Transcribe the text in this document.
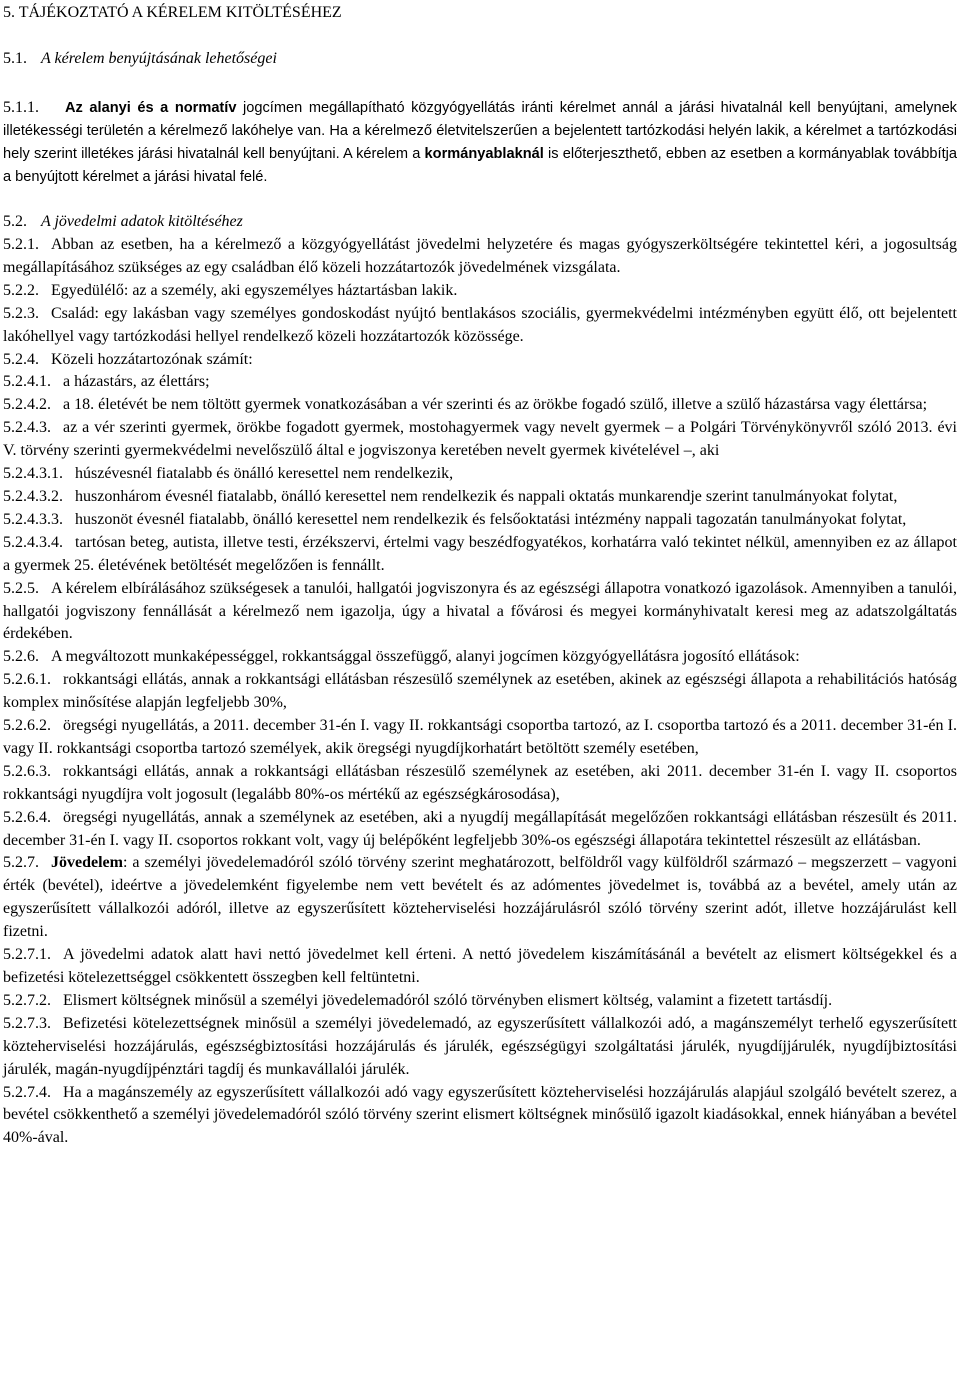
5. TÁJÉKOZTATÓ A KÉRELEM KITÖLTÉSÉHEZ
5.1. A kérelem benyújtásának lehetőségei

5.1.1. Az alanyi és a normatív jogcímen megállapítható közgyógyellátás iránti kérelmet annál a járási hivatalnál kell benyújtani, amelynek illetékességi területén a kérelmező lakóhelye van. Ha a kérelmező életvitelszerűen a bejelentett tartózkodási helyén lakik, a kérelmet a tartózkodási hely szerint illetékes járási hivatalnál kell benyújtani. A kérelem a kormányablaknál is előterjeszthető, ebben az esetben a kormányablak továbbítja a benyújtott kérelmet a járási hivatal felé.

5.2. A jövedelmi adatok kitöltéséhez

5.2.1. Abban az esetben, ha a kérelmező a közgyógyellátást jövedelmi helyzetére és magas gyógyszerköltségére tekintettel kéri, a jogosultság megállapításához szükséges az egy családban élő közeli hozzátartozók jövedelmének vizsgálata.

5.2.2. Egyedülélő: az a személy, aki egyszemélyes háztartásban lakik.

5.2.3. Család: egy lakásban vagy személyes gondoskodást nyújtó bentlakásos szociális, gyermekvédelmi intézményben együtt élő, ott bejelentett lakóhellyel vagy tartózkodási hellyel rendelkező közeli hozzátartozók közössége.

5.2.4. Közeli hozzátartozónak számít:

5.2.4.1. a házastárs, az élettárs;

5.2.4.2. a 18. életévét be nem töltött gyermek vonatkozásában a vér szerinti és az örökbe fogadó szülő, illetve a szülő házastársa vagy élettársa;

5.2.4.3. az a vér szerinti gyermek, örökbe fogadott gyermek, mostohagyermek vagy nevelt gyermek – a Polgári Törvénykönyvről szóló 2013. évi V. törvény szerinti gyermekvédelmi nevelőszülő által e jogviszonya keretében nevelt gyermek kivételével –, aki

5.2.4.3.1. húszévesnél fiatalabb és önálló keresettel nem rendelkezik,

5.2.4.3.2. huszonhárom évesnél fiatalabb, önálló keresettel nem rendelkezik és nappali oktatás munkarendje szerint tanulmányokat folytat,

5.2.4.3.3. huszonöt évesnél fiatalabb, önálló keresettel nem rendelkezik és felsőoktatási intézmény nappali tagozatán tanulmányokat folytat,

5.2.4.3.4. tartósan beteg, autista, illetve testi, érzékszervi, értelmi vagy beszédfogyatékos, korhatárra való tekintet nélkül, amennyiben ez az állapot a gyermek 25. életévének betöltését megelőzően is fennállt.

5.2.5. A kérelem elbírálásához szükségesek a tanulói, hallgatói jogviszonyra és az egészségi állapotra vonatkozó igazolások. Amennyiben a tanulói, hallgatói jogviszony fennállását a kérelmező nem igazolja, úgy a hivatal a fővárosi és megyei kormányhivatalt keresi meg az adatszolgáltatás érdekében.

5.2.6. A megváltozott munkaképességgel, rokkantsággal összefüggő, alanyi jogcímen közgyógyellátásra jogosító ellátások:

5.2.6.1. rokkantsági ellátás, annak a rokkantsági ellátásban részesülő személynek az esetében, akinek az egészségi állapota a rehabilitációs hatóság komplex minősítése alapján legfeljebb 30%,

5.2.6.2. öregségi nyugellátás, a 2011. december 31-én I. vagy II. rokkantsági csoportba tartozó, az I. csoportba tartozó és a 2011. december 31-én I. vagy II. rokkantsági csoportba tartozó személyek, akik öregségi nyugdíjkorhatárt betöltött személy esetében,

5.2.6.3. rokkantsági ellátás, annak a rokkantsági ellátásban részesülő személynek az esetében, aki 2011. december 31-én I. vagy II. csoportos rokkantsági nyugdíjra volt jogosult (legalább 80%-os mértékű az egészségkárosodása),

5.2.6.4. öregségi nyugellátás, annak a személynek az esetében, aki a nyugdíj megállapítását megelőzően rokkantsági ellátásban részesült és 2011. december 31-én I. vagy II. csoportos rokkant volt, vagy új belépőként legfeljebb 30%-os egészségi állapotára tekintettel részesült az ellátásban.

5.2.7. Jövedelem: a személyi jövedelemadóról szóló törvény szerint meghatározott, belföldről vagy külföldről származó – megszerzett – vagyoni érték (bevétel), ideértve a jövedelemként figyelembe nem vett bevételt és az adómentes jövedelmet is, továbbá az a bevétel, amely után az egyszerűsített vállalkozói adóról, illetve az egyszerűsített közteherviselési hozzájárulásról szóló törvény szerint adót, illetve hozzájárulást kell fizetni.

5.2.7.1. A jövedelmi adatok alatt havi nettó jövedelmet kell érteni. A nettó jövedelem kiszámításánál a bevételt az elismert költségekkel és a befizetési kötelezettséggel csökkentett összegben kell feltüntetni.

5.2.7.2. Elismert költségnek minősül a személyi jövedelemadóról szóló törvényben elismert költség, valamint a fizetett tartásdíj.

5.2.7.3. Befizetési kötelezettségnek minősül a személyi jövedelemadó, az egyszerűsített vállalkozói adó, a magánszemélyt terhelő egyszerűsített közteherviselési hozzájárulás, egészségbiztosítási hozzájárulás és járulék, egészségügyi szolgáltatási járulék, nyugdíjjárulék, nyugdíjbiztosítási járulék, magán-nyugdíjpénztári tagdíj és munkavállalói járulék.

5.2.7.4. Ha a magánszemély az egyszerűsített vállalkozói adó vagy egyszerűsített közteherviselési hozzájárulás alapjául szolgáló bevételt szerez, a bevétel csökkenthető a személyi jövedelemadóról szóló törvény szerint elismert költségnek minősülő igazolt kiadásokkal, ennek hiányában a bevétel 40%-ával.
